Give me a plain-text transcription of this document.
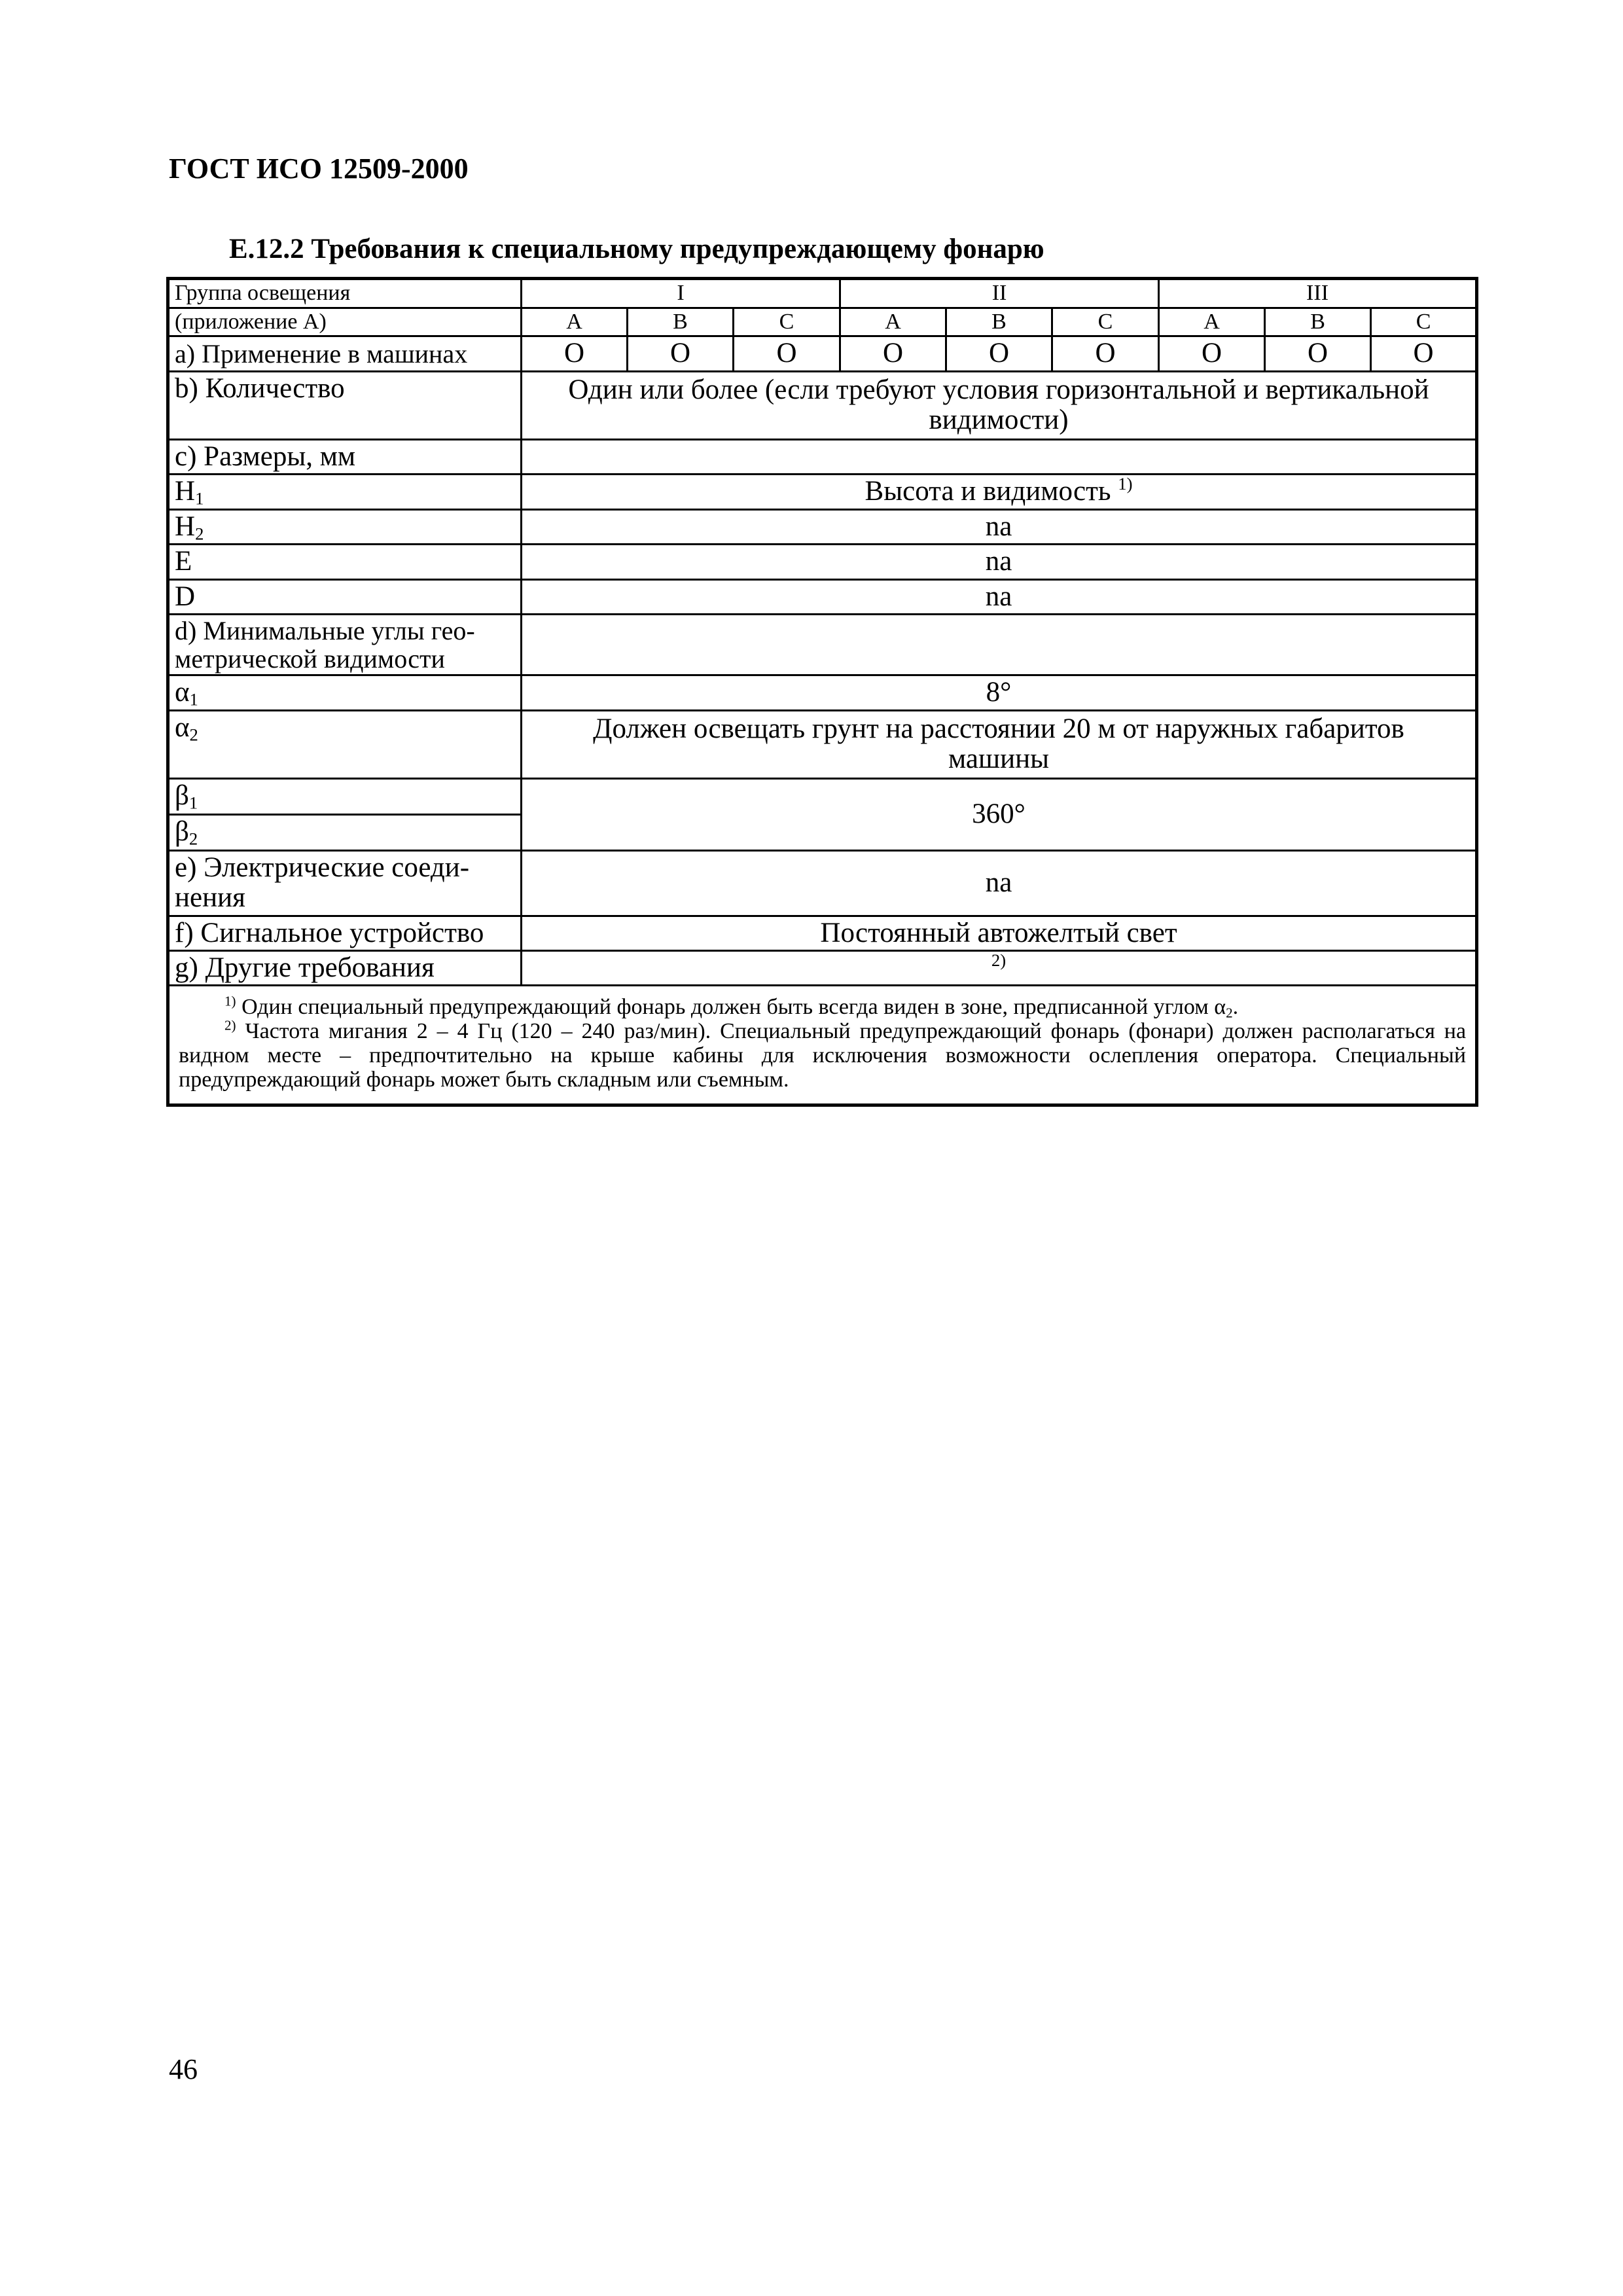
ГОСТ ИСО 12509-2000
E.12.2 Требования к специальному предупреждающему фонарю
Группа освещения	I			II			III		
(приложение А)	А	В	С	А	В	С	А	В	С
a) Применение в машинах	O	O	O	O	O	O	O	O	O
b) Количество	Один или более (если требуют условия горизонтальной и вертикальной видимости)								
c) Размеры, мм									
$H_1$	Высота и видимость $^{1)}$
$H_2$	na								
E	na								
D	na								
d) Минимальные углы гео-метрической видимости									
$\alpha_1$	8°								
$\alpha_2$	Должен освещать грунт на расстоянии 20 м от наружных габаритов машины								
$\beta_1$	360°								
$\beta_2$
e) Электрические соеди-нения	na								
f) Сигнальное устройство	Постоянный автожелтый свет								
g) Другие требования	$^{2)}$

$^{1)}$ Один специальный предупреждающий фонарь должен быть всегда виден в зоне, предписанной углом $\alpha_2$.

$^{2)}$ Частота мигания 2 – 4 Гц (120 – 240 раз/мин). Специальный предупреждающий фонарь (фонари) должен располагаться на видном месте – предпочтительно на крыше кабины для исключения возможности ослепления оператора. Специальный предупреждающий фонарь может быть складным или съемным.									

46
